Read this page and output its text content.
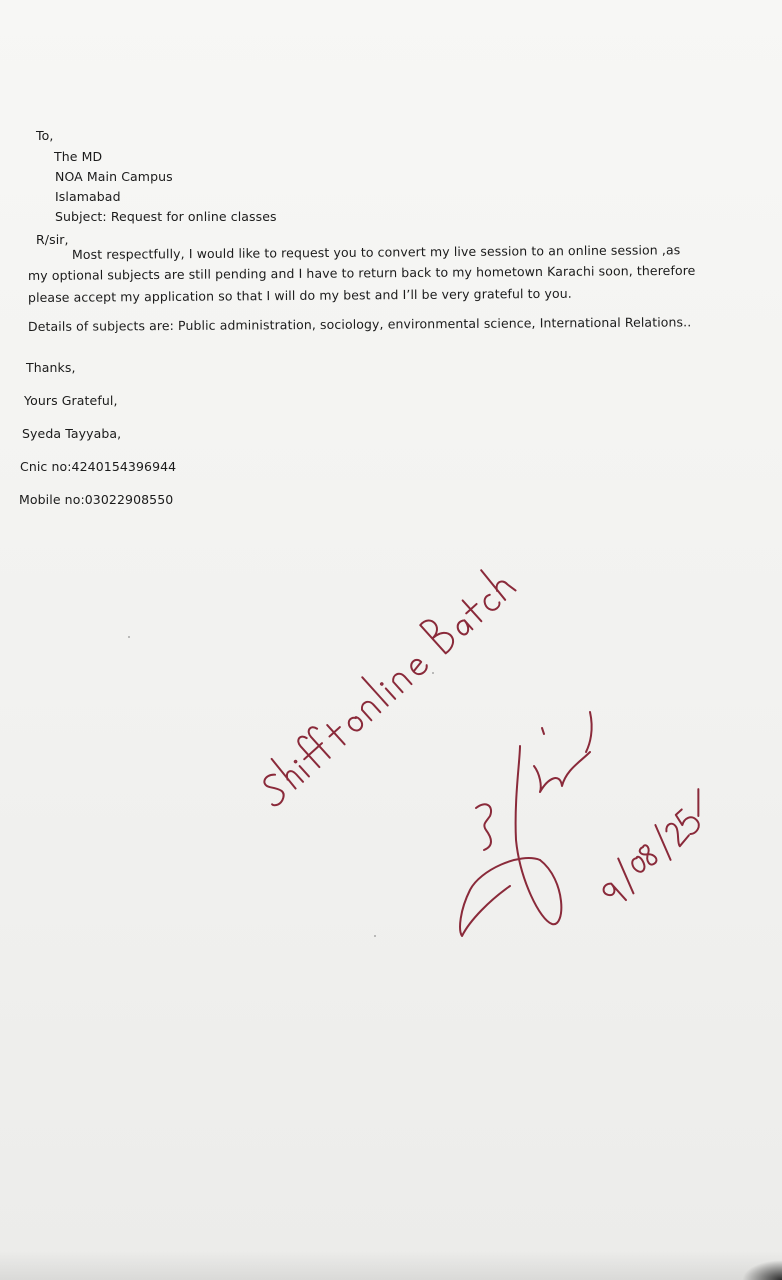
To,
The MD
NOA Main Campus
Islamabad
Subject: Request for online classes
R/sir,
Most respectfully, I would like to request you to convert my live session to an online session ,as
my optional subjects are still pending and I have to return back to my hometown Karachi soon, therefore
please accept my application so that I will do my best and I’ll be very grateful to you.
Details of subjects are: Public administration, sociology, environmental science, International Relations..
Thanks,
Yours Grateful,
Syeda Tayyaba,
Cnic no:4240154396944
Mobile no:03022908550
